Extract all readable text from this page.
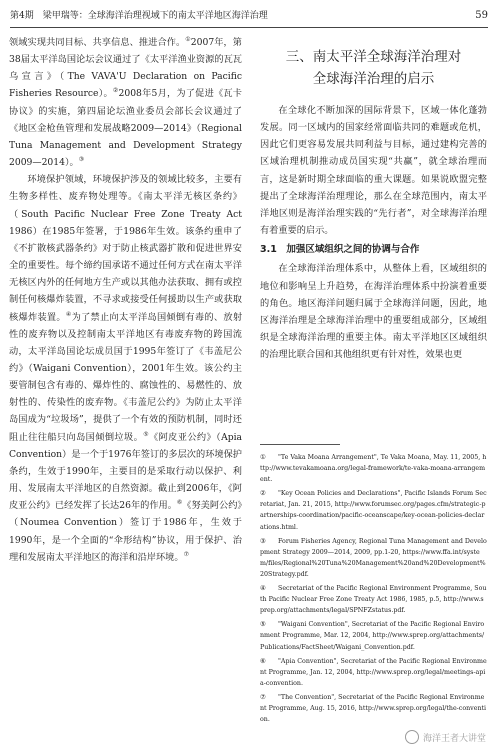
第4期　梁甲瑞等：全球海洋治理视域下的南太平洋地区海洋治理	59

领域实现共同目标、共享信息、推进合作。①2007年，第38届太平洋岛国论坛会议通过了《太平洋渔业资源的瓦瓦乌宣言》（The VAVA'U Declaration on Pacific Fisheries Resource）。②2008年5月，为了促进《瓦卡协议》的实施，第四届论坛渔业委员会部长会议通过了《地区金枪鱼管理和发展战略2009—2014》（Regional Tuna Management and Development Strategy 2009—2014）。③

环境保护领域，环境保护涉及的领域比较多，主要有生物多样性、废弃物处理等。《南太平洋无核区条约》（South Pacific Nuclear Free Zone Treaty Act 1986）在1985年签署，于1986年生效。该条约重申了《不扩散核武器条约》对于防止核武器扩散和促进世界安全的重要性。每个缔约国承诺不通过任何方式在南太平洋无核区内外的任何地方生产或以其他办法获取、拥有或控制任何核爆炸装置，不寻求或接受任何援助以生产或获取核爆炸装置。④为了禁止向太平洋岛国倾倒有毒的、放射性的废弃物以及控制南太平洋地区有毒废弃物的跨国流动，太平洋岛国论坛成员国于1995年签订了《韦盖尼公约》（Waigani Convention），2001年生效。该公约主要管制包含有毒的、爆炸性的、腐蚀性的、易燃性的、放射性的、传染性的废弃物。《韦盖尼公约》为防止太平洋岛国成为“垃圾场”，提供了一个有效的预防机制，同时还阻止往往船只向岛国倾倒垃圾。⑤《阿皮亚公约》（Apia Convention）是一个于1976年签订的多层次的环境保护条约，生效于1990年，主要目的是采取行动以保护、利用、发展南太平洋地区的自然资源。截止到2006年，《阿皮亚公约》已经发挥了长达26年的作用。⑥《努美阿公约》（Noumea Convention）签订于1986年，生效于1990年，是一个全面的“伞形结构”协议，用于保护、治理和发展南太平洋地区的海洋和沿岸环境。⑦

三、南太平洋全球海洋治理对
全球海洋治理的启示

在全球化不断加深的国际背景下，区域一体化蓬勃发展。同一区域内的国家经常面临共同的难题或危机，因此它们更容易发展共同利益与目标，通过建构完善的区域治理机制推动成员国实现“共赢”，就全球治理而言，这是新时期全球面临的重大课题。如果说欧盟完整提出了全球海洋治理理论，那么在全球范围内，南太平洋地区则是海洋治理实践的“先行者”，对全球海洋治理有着重要的启示。

3.1　加强区域组织之间的协调与合作

在全球海洋治理体系中，从整体上看，区域组织的地位和影响呈上升趋势，在海洋治理体系中扮演着重要的角色。地区海洋问题归属于全球海洋问题，因此，地区海洋治理是全球海洋治理中的重要组成部分，区域组织是全球海洋治理的重要主体。南太平洋地区区域组织的治理比联合国和其他组织更有针对性，效果也更

① "Te Vaka Moana Arrangement", Te Vaka Moana, May. 11, 2005, http://www.tevakamoana.org/legal-framework/te-vaka-moana-arrangement.

② "Key Ocean Policies and Declarations", Pacific Islands Forum Secretariat, Jan. 21, 2015, http://www.forumsec.org/pages.cfm/strategic-partnerships-coordination/pacific-oceanscape/key-ocean-policies-declarations.html.

③ Forum Fisheries Agency, Regional Tuna Management and Development Strategy 2009—2014, 2009, pp.1-20, https://www.ffa.int/system/files/Regional%20Tuna%20Management%20and%20Development%20Strategy.pdf.

④ Secretariat of the Pacific Regional Environment Programme, South Pacific Nuclear Free Zone Treaty Act 1986, 1985, p.5, http://www.sprep.org/attachments/legal/SPNFZstatus.pdf.

⑤ "Waigani Convention", Secretariat of the Pacific Regional Environment Programme, Mar. 12, 2004, http://www.sprep.org/attachments/Publications/FactSheet/Waigani_Convention.pdf.

⑥ "Apia Convention", Secretariat of the Pacific Regional Environment Programme, Jan. 12, 2004, http://www.sprep.org/legal/meetings-apia-convention.

⑦ "The Convention", Secretariat of the Pacific Regional Environment Programme, Aug. 15, 2016, http://www.sprep.org/legal/the-convention.

海洋王者大讲堂
